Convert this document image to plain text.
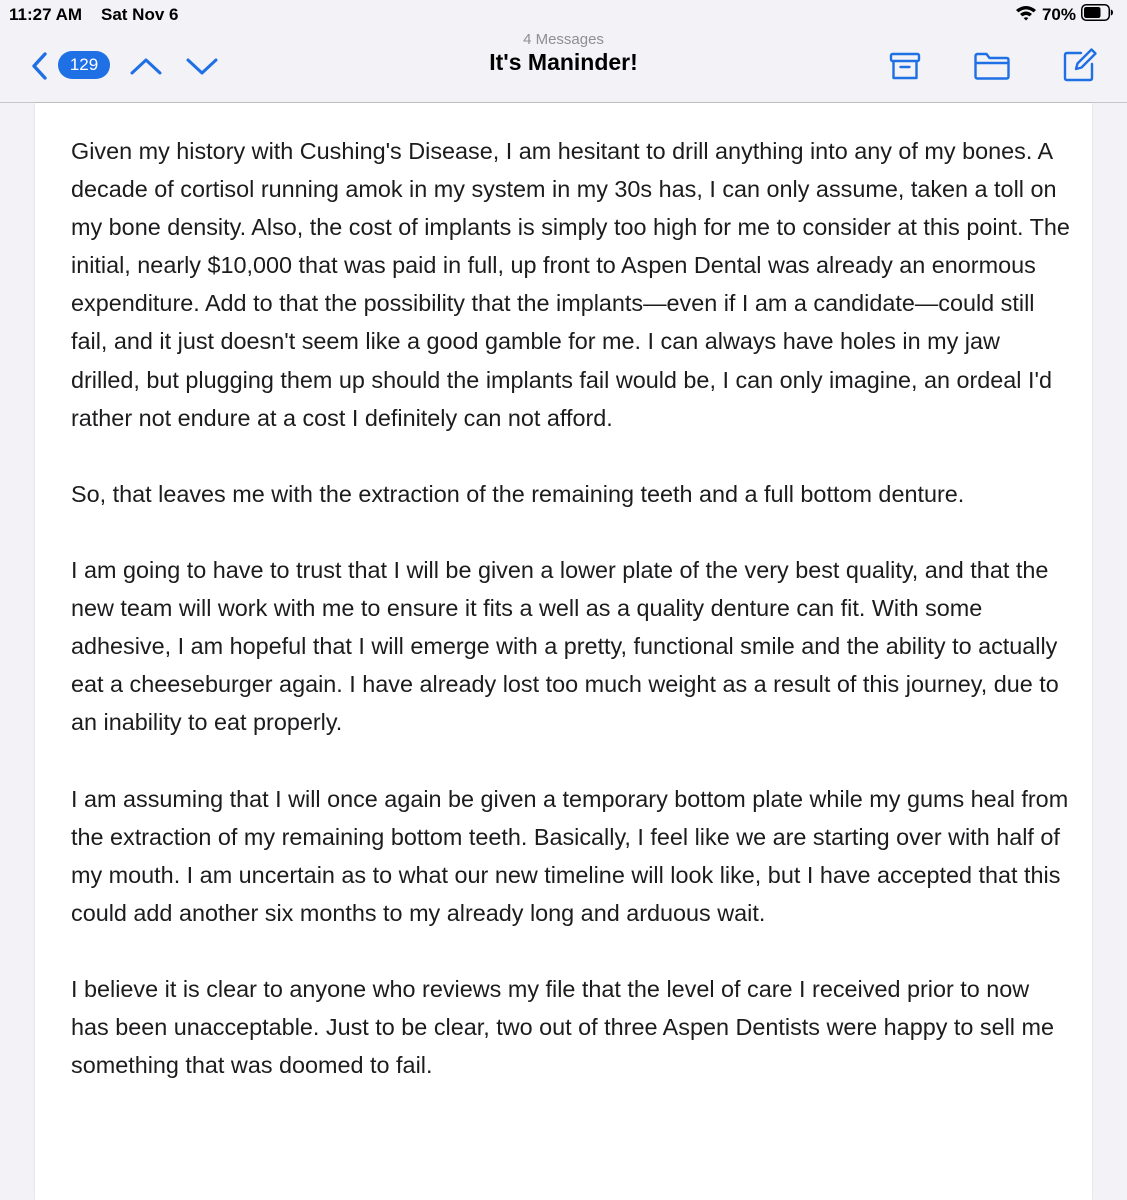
11:27 AM Sat Nov 6	70%
129
4 Messages
It's Maninder!

Given my history with Cushing's Disease, I am hesitant to drill anything into any of my bones. A decade of cortisol running amok in my system in my 30s has, I can only assume, taken a toll on my bone density. Also, the cost of implants is simply too high for me to consider at this point. The initial, nearly $10,000 that was paid in full, up front to Aspen Dental was already an enormous expenditure. Add to that the possibility that the implants—even if I am a candidate—could still fail, and it just doesn't seem like a good gamble for me. I can always have holes in my jaw drilled, but plugging them up should the implants fail would be, I can only imagine, an ordeal I'd rather not endure at a cost I definitely can not afford.

So, that leaves me with the extraction of the remaining teeth and a full bottom denture.

I am going to have to trust that I will be given a lower plate of the very best quality, and that the new team will work with me to ensure it fits a well as a quality denture can fit. With some adhesive, I am hopeful that I will emerge with a pretty, functional smile and the ability to actually eat a cheeseburger again. I have already lost too much weight as a result of this journey, due to an inability to eat properly.

I am assuming that I will once again be given a temporary bottom plate while my gums heal from the extraction of my remaining bottom teeth. Basically, I feel like we are starting over with half of my mouth. I am uncertain as to what our new timeline will look like, but I have accepted that this could add another six months to my already long and arduous wait.

I believe it is clear to anyone who reviews my file that the level of care I received prior to now has been unacceptable. Just to be clear, two out of three Aspen Dentists were happy to sell me something that was doomed to fail.
